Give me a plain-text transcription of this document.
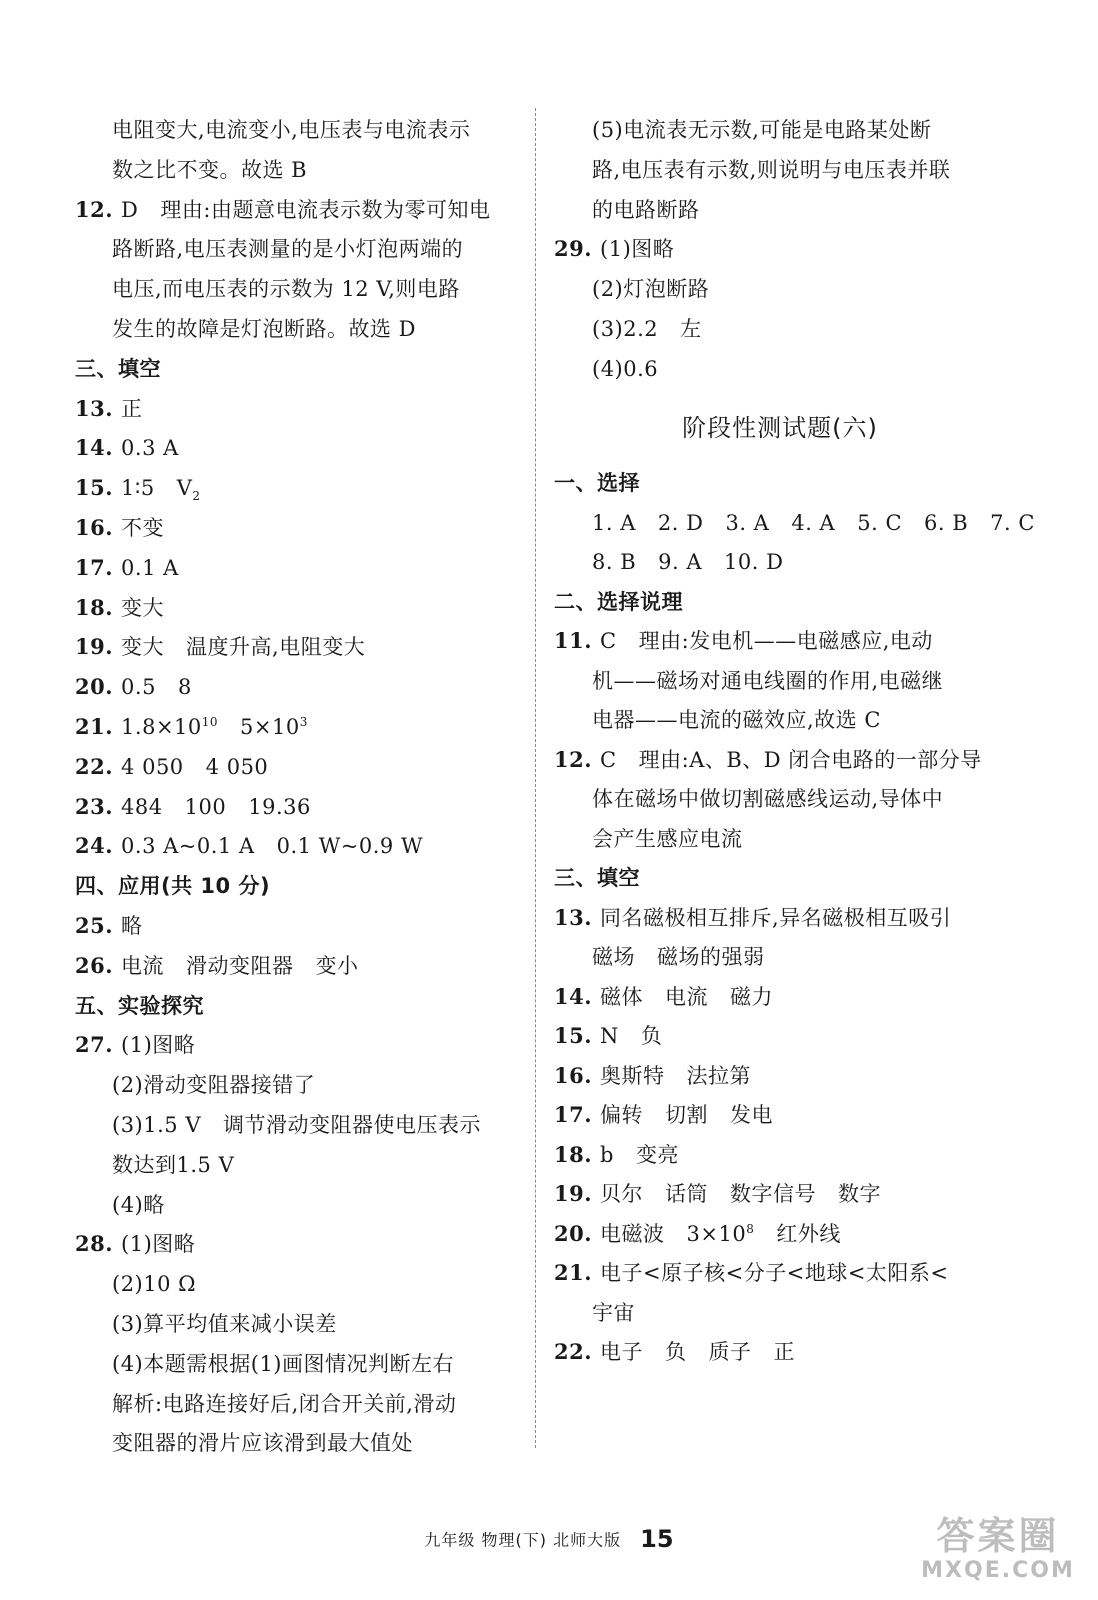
电阻变大,电流变小,电压表与电流表示
数之比不变。故选 B
12. D 理由:由题意电流表示数为零可知电
路断路,电压表测量的是小灯泡两端的
电压,而电压表的示数为 12 V,则电路
发生的故障是灯泡断路。故选 D
三、填空
13. 正
14. 0.3 A
15. 1∶5 $V_2$
16. 不变
17. 0.1 A
18. 变大
19. 变大 温度升高,电阻变大
20. 0.5 8
21. $1.8\times 10^{10}$ $5\times 10^3$
22. 4 050 4 050
23. 484 100 19.36
24. 0.3 A~0.1 A 0.1 W~0.9 W
四、应用(共 10 分)
25. 略
26. 电流 滑动变阻器 变小
五、实验探究
27. (1)图略
(2)滑动变阻器接错了
(3)1.5 V 调节滑动变阻器使电压表示
数达到1.5 V
(4)略
28. (1)图略
(2)10 Ω
(3)算平均值来减小误差
(4)本题需根据(1)画图情况判断左右
解析:电路连接好后,闭合开关前,滑动
变阻器的滑片应该滑到最大值处
(5)电流表无示数,可能是电路某处断
路,电压表有示数,则说明与电压表并联
的电路断路
29. (1)图略
(2)灯泡断路
(3)2.2 左
(4)0.6
一、选择
1. A 2. D 3. A 4. A 5. C 6. B 7. C
8. B 9. A 10. D
二、选择说理
11. C 理由:发电机——电磁感应,电动
机——磁场对通电线圈的作用,电磁继
电器——电流的磁效应,故选 C
12. C 理由:A、B、D 闭合电路的一部分导
体在磁场中做切割磁感线运动,导体中
会产生感应电流
三、填空
13. 同名磁极相互排斥,异名磁极相互吸引
磁场 磁场的强弱
14. 磁体 电流 磁力
15. N 负
16. 奥斯特 法拉第
17. 偏转 切割 发电
18. b 变亮
19. 贝尔 话筒 数字信号 数字
20. 电磁波 $3\times 10^8$ 红外线
21. 电子<原子核<分子<地球<太阳系<
宇宙
22. 电子 负 质子 正
阶段性测试题(六)
九年级 物理(下) 北师大版 15	答案圈
MXQE.COM
